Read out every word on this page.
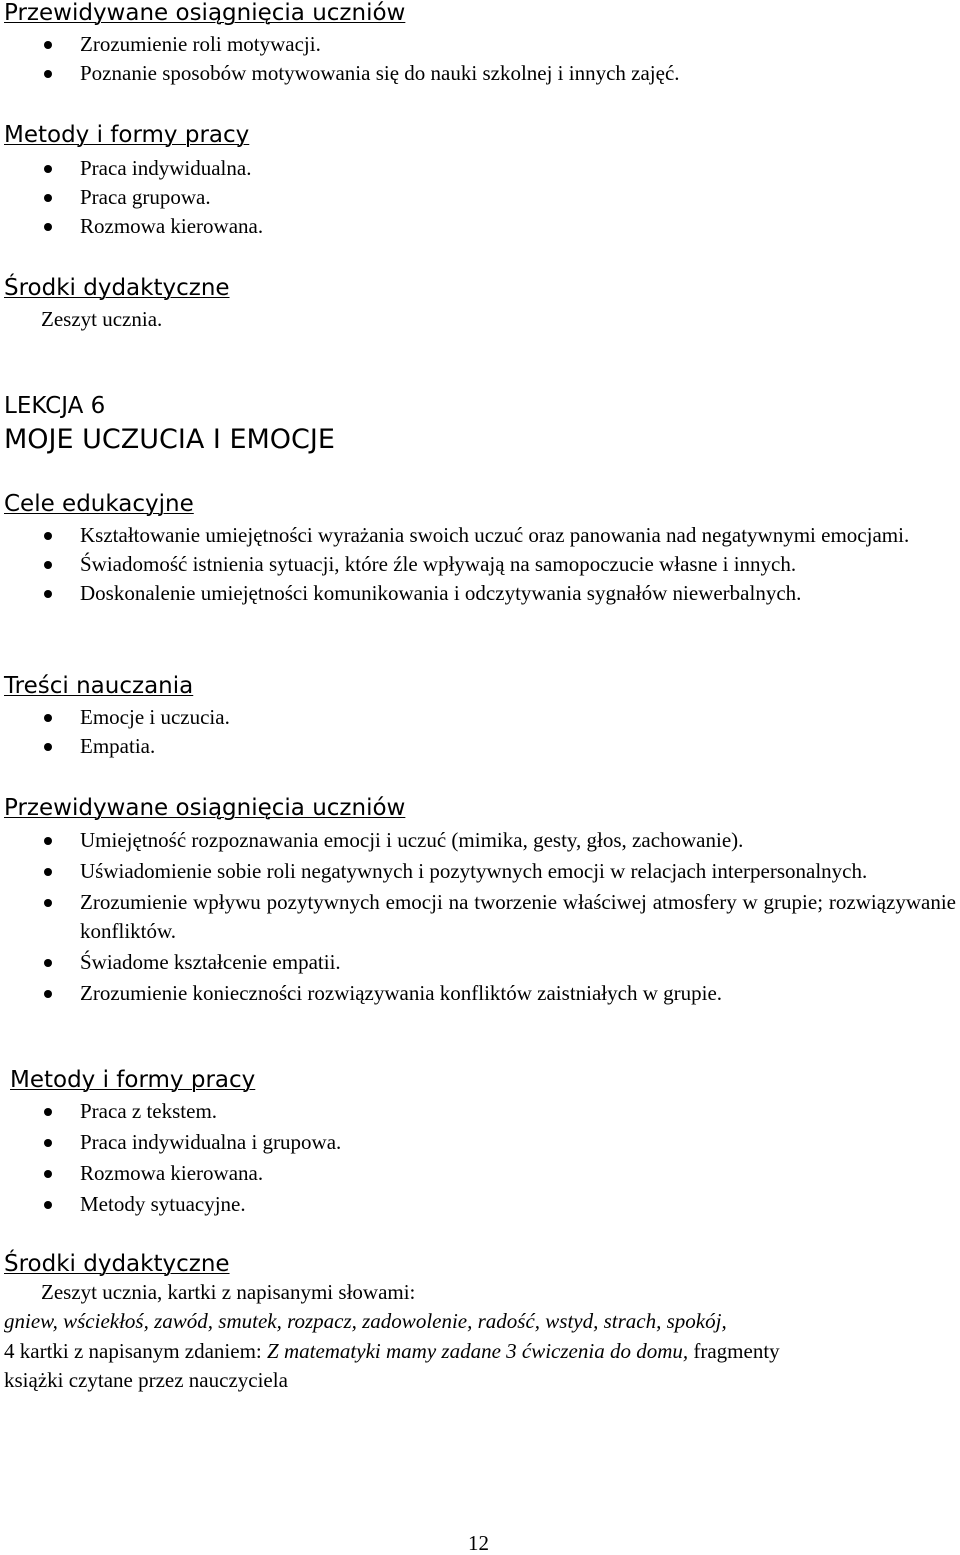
Przewidywane osiągnięcia uczniów
Zrozumienie roli motywacji.
Poznanie sposobów motywowania się do nauki szkolnej i innych zajęć.
Metody i formy pracy
Praca indywidualna.
Praca grupowa.
Rozmowa kierowana.
Środki dydaktyczne

Zeszyt ucznia.

LEKCJA 6
MOJE UCZUCIA I EMOCJE
Cele edukacyjne
Kształtowanie umiejętności wyrażania swoich uczuć oraz panowania nad negatywnymi emocjami.
Świadomość istnienia sytuacji, które źle wpływają na samopoczucie własne i innych.
Doskonalenie umiejętności komunikowania i odczytywania sygnałów niewerbalnych.
Treści nauczania
Emocje i uczucia.
Empatia.
Przewidywane osiągnięcia uczniów
Umiejętność rozpoznawania emocji i uczuć (mimika, gesty, głos, zachowanie).
Uświadomienie sobie roli negatywnych i pozytywnych emocji w relacjach interpersonalnych.
Zrozumienie wpływu pozytywnych emocji na tworzenie właściwej atmosfery w grupie; rozwiązywanie konfliktów.
Świadome kształcenie empatii.
Zrozumienie konieczności rozwiązywania konfliktów zaistniałych w grupie.
Metody i formy pracy
Praca z tekstem.
Praca indywidualna i grupowa.
Rozmowa kierowana.
Metody sytuacyjne.
Środki dydaktyczne

Zeszyt ucznia, kartki z napisanymi słowami:

gniew, wściekłoś, zawód, smutek, rozpacz, zadowolenie, radość, wstyd, strach, spokój,

4 kartki z napisanym zdaniem: Z matematyki mamy zadane 3 ćwiczenia do domu, fragmenty

książki czytane przez nauczyciela

12
